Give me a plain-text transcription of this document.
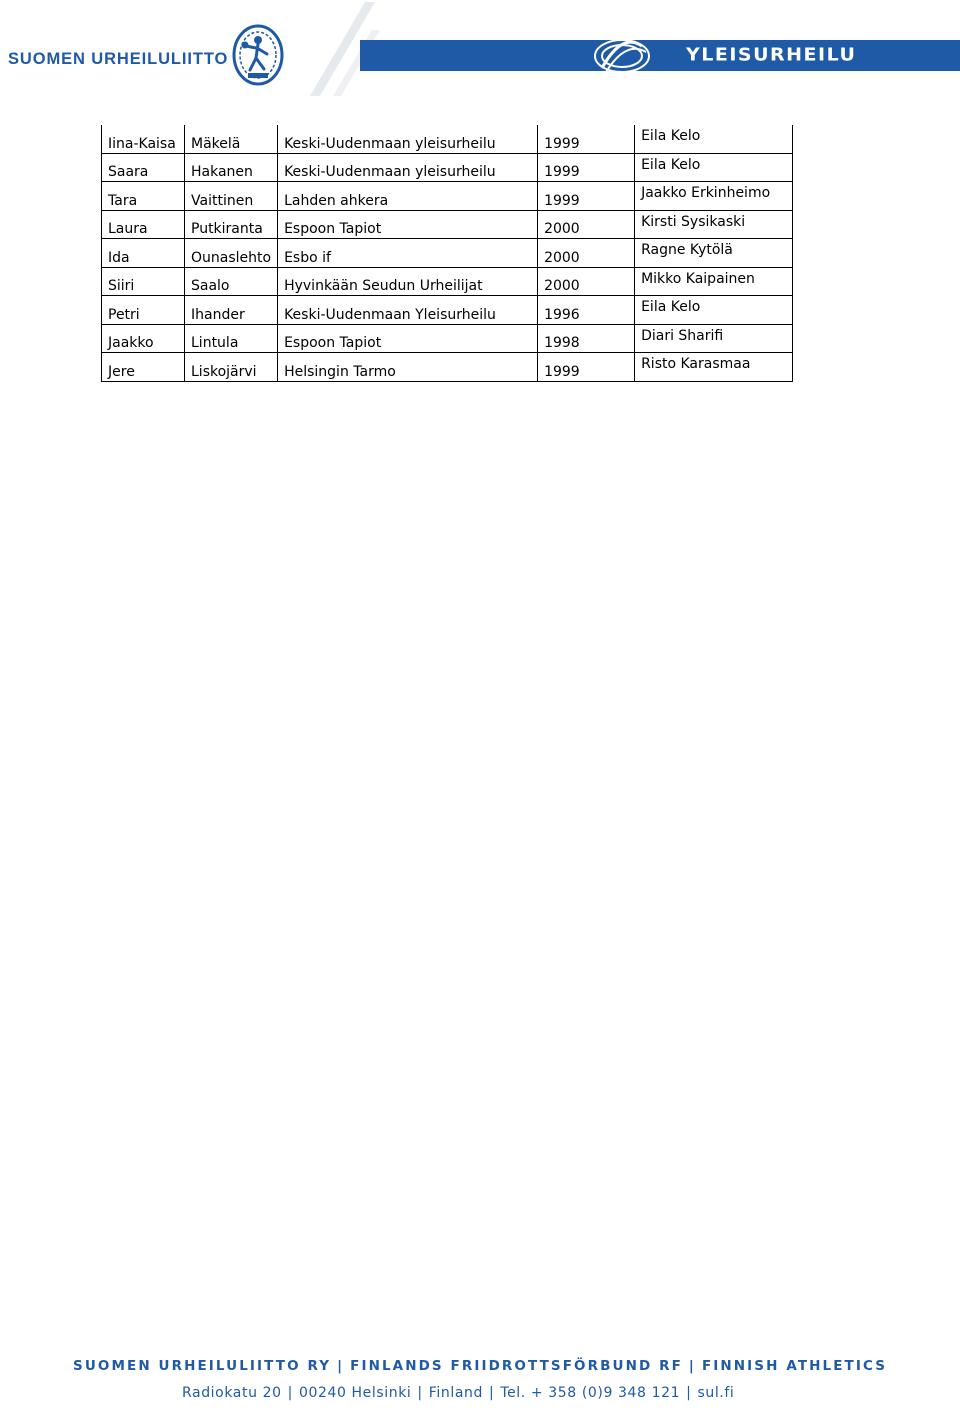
SUOMEN URHEILULIITTO	YLEISURHEILU
Iina-Kaisa	Mäkelä	Keski-Uudenmaan yleisurheilu	1999	Eila Kelo
Saara	Hakanen	Keski-Uudenmaan yleisurheilu	1999	Eila Kelo
Tara	Vaittinen	Lahden ahkera	1999	Jaakko Erkinheimo
Laura	Putkiranta	Espoon Tapiot	2000	Kirsti Sysikaski
Ida	Ounaslehto	Esbo if	2000	Ragne Kytölä
Siiri	Saalo	Hyvinkään Seudun Urheilijat	2000	Mikko Kaipainen
Petri	Ihander	Keski-Uudenmaan Yleisurheilu	1996	Eila Kelo
Jaakko	Lintula	Espoon Tapiot	1998	Diari Sharifi
Jere	Liskojärvi	Helsingin Tarmo	1999	Risto Karasmaa
SUOMEN URHEILULIITTO RY | FINLANDS FRIIDROTTSFÖRBUND RF | FINNISH ATHLETICS
Radiokatu 20 | 00240 Helsinki | Finland | Tel. + 358 (0)9 348 121 | sul.fi
